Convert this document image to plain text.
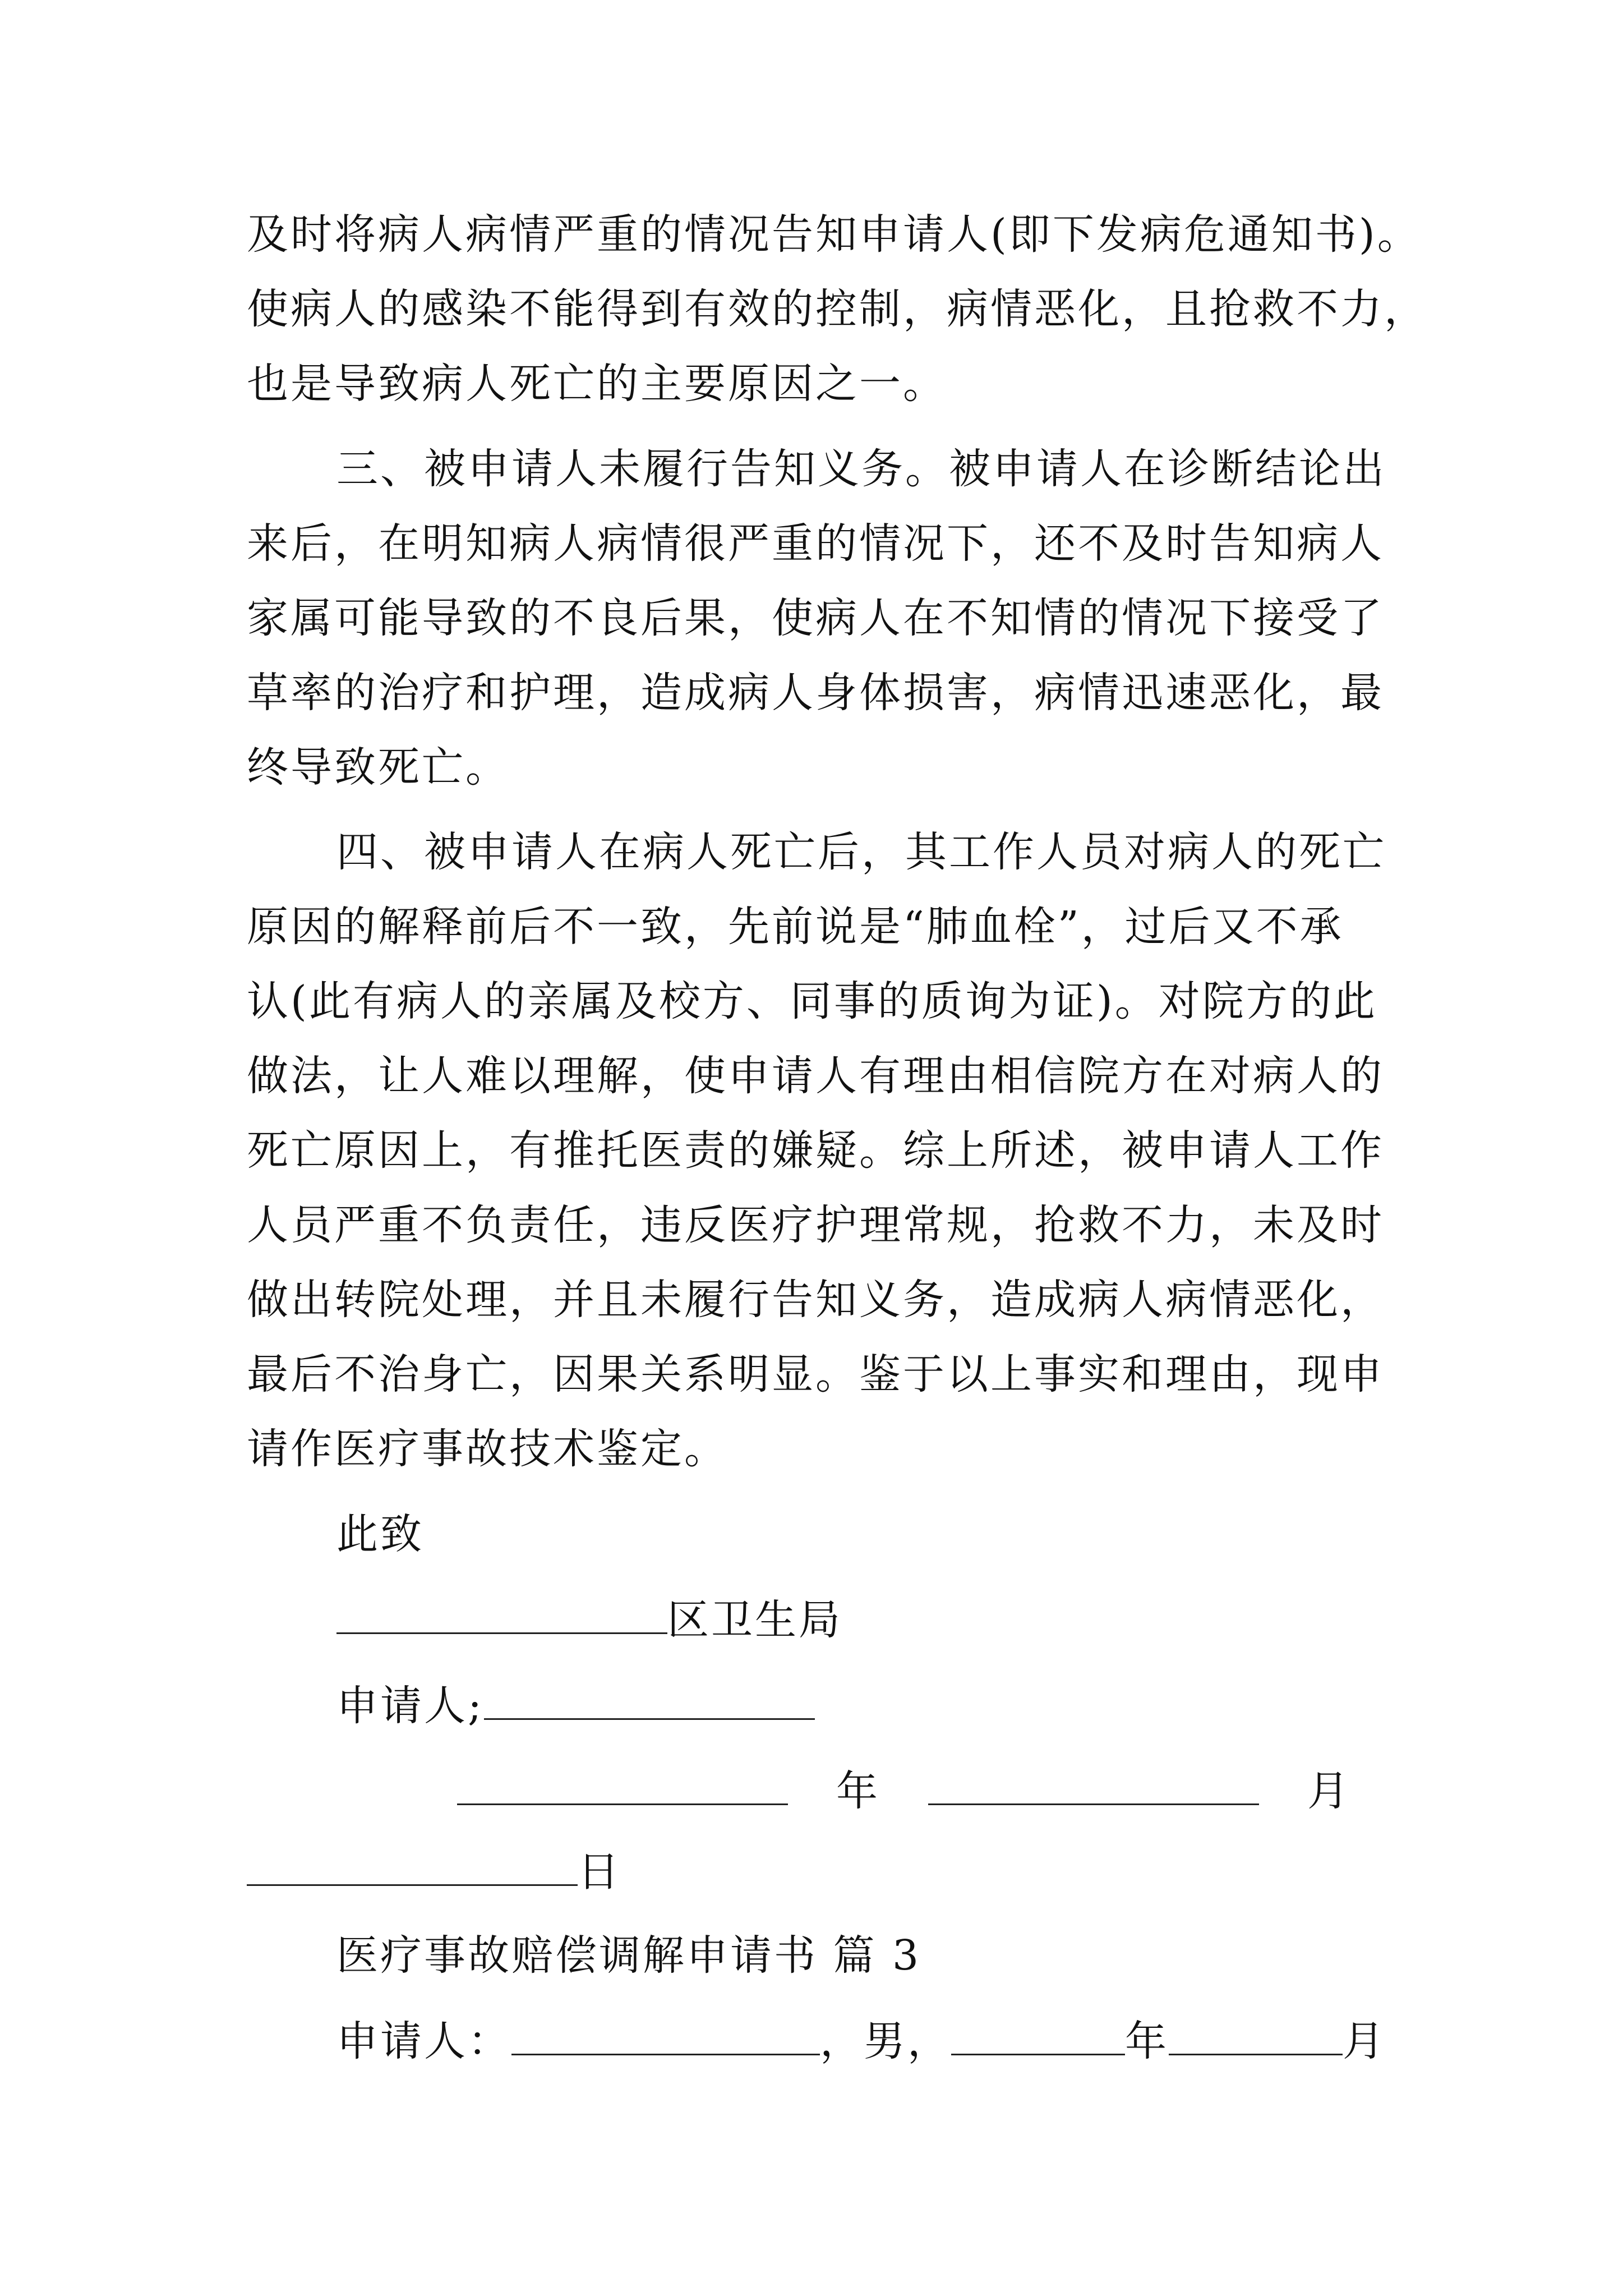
及时将病人病情严重的情况告知申请人(即下发病危通知书)。
使病人的感染不能得到有效的控制，病情恶化，且抢救不力，
也是导致病人死亡的主要原因之一。
三、被申请人未履行告知义务。被申请人在诊断结论出
来后，在明知病人病情很严重的情况下，还不及时告知病人
家属可能导致的不良后果，使病人在不知情的情况下接受了
草率的治疗和护理，造成病人身体损害，病情迅速恶化，最
终导致死亡。
四、被申请人在病人死亡后，其工作人员对病人的死亡
原因的解释前后不一致，先前说是“肺血栓”，过后又不承
认(此有病人的亲属及校方、同事的质询为证)。对院方的此
做法，让人难以理解，使申请人有理由相信院方在对病人的
死亡原因上，有推托医责的嫌疑。综上所述，被申请人工作
人员严重不负责任，违反医疗护理常规，抢救不力，未及时
做出转院处理，并且未履行告知义务，造成病人病情恶化，
最后不治身亡，因果关系明显。鉴于以上事实和理由，现申
请作医疗事故技术鉴定。
此致
区卫生局
申请人;
年	月
日
医疗事故赔偿调解申请书 篇 3
申请人：	，男，	年	月
